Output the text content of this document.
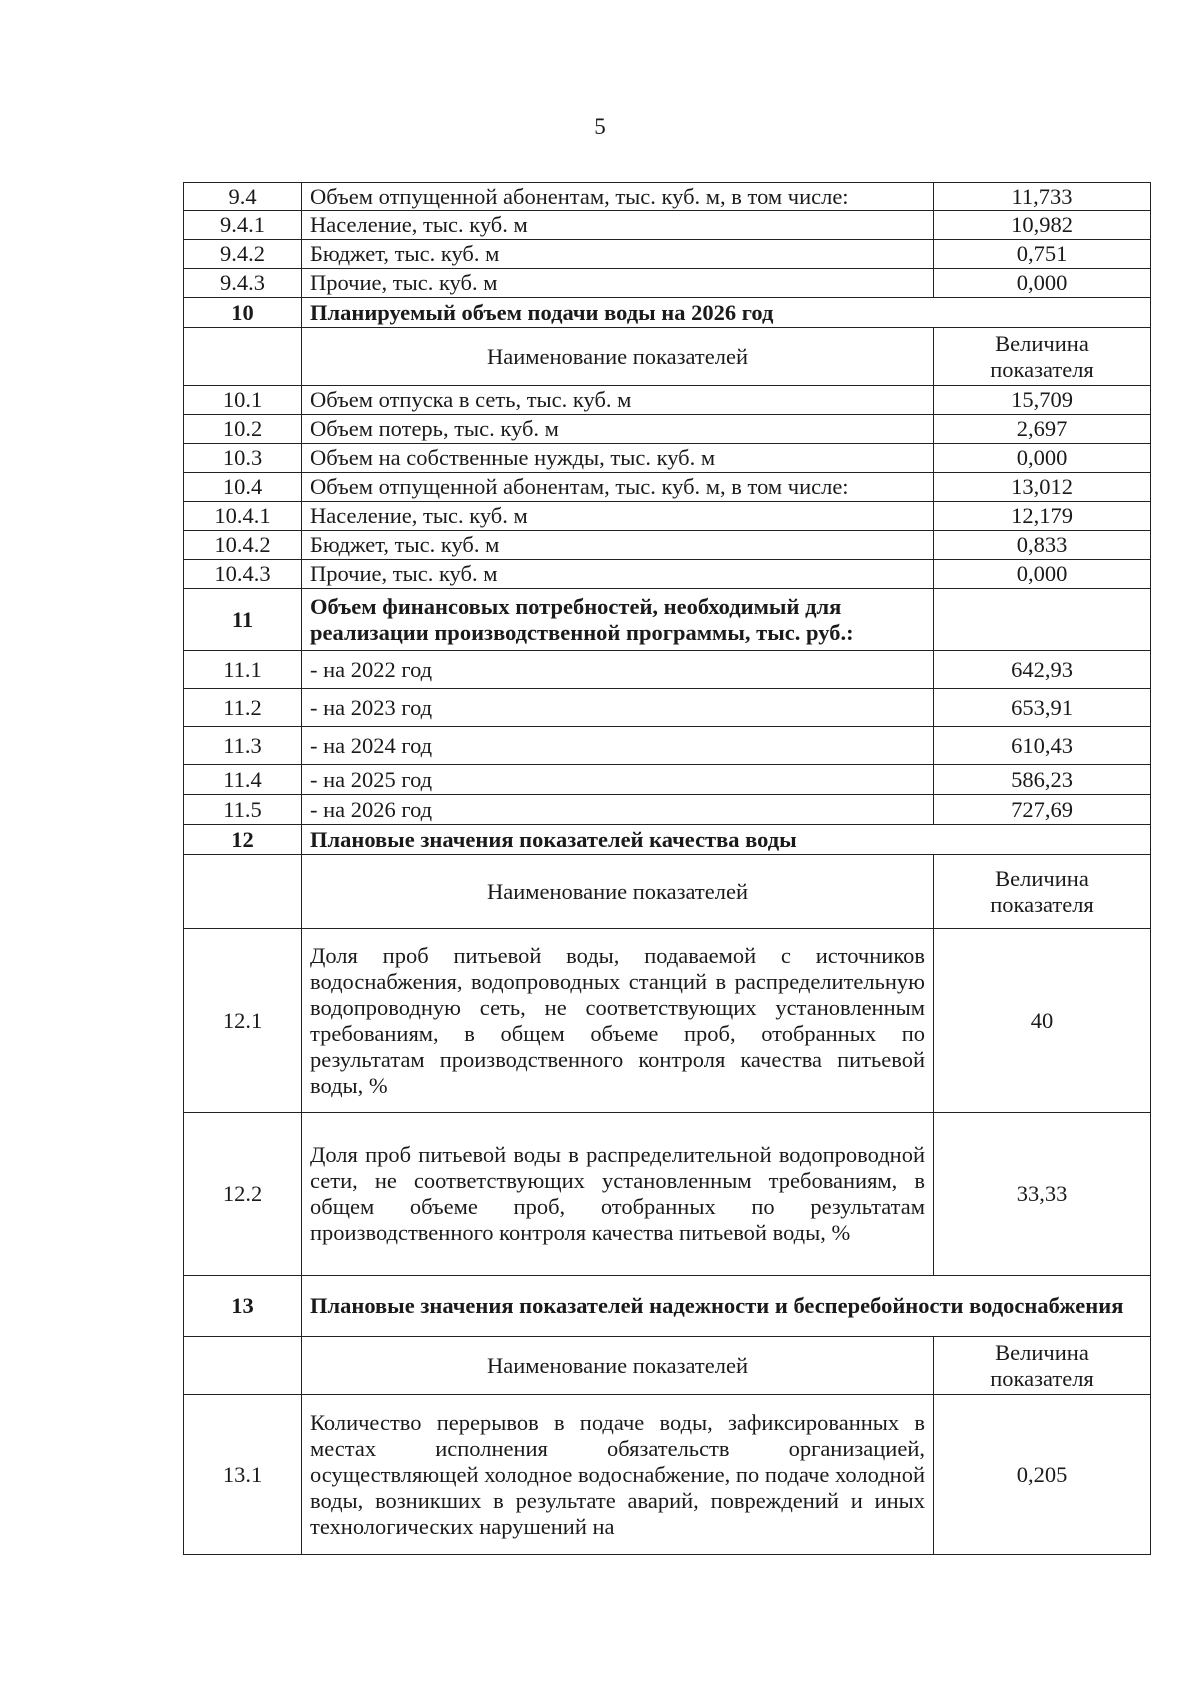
5
9.4	Объем отпущенной абонентам, тыс. куб. м, в том числе:	11,733
9.4.1	Население, тыс. куб. м	10,982
9.4.2	Бюджет, тыс. куб. м	0,751
9.4.3	Прочие, тыс. куб. м	0,000
10	Планируемый объем подачи воды на 2026 год	
	Наименование показателей	Величина показателя
10.1	Объем отпуска в сеть, тыс. куб. м	15,709
10.2	Объем потерь, тыс. куб. м	2,697
10.3	Объем на собственные нужды, тыс. куб. м	0,000
10.4	Объем отпущенной абонентам, тыс. куб. м, в том числе:	13,012
10.4.1	Население, тыс. куб. м	12,179
10.4.2	Бюджет, тыс. куб. м	0,833
10.4.3	Прочие, тыс. куб. м	0,000
11	Объем финансовых потребностей, необходимый для реализации производственной программы, тыс. руб.:	
11.1	- на 2022 год	642,93
11.2	- на 2023 год	653,91
11.3	- на 2024 год	610,43
11.4	- на 2025 год	586,23
11.5	- на 2026 год	727,69
12	Плановые значения показателей качества воды	
	Наименование показателей	Величина показателя
12.1	Доля проб питьевой воды, подаваемой с источников водоснабжения, водопроводных станций в распределительную водопроводную сеть, не соответствующих установленным требованиям, в общем объеме проб, отобранных по результатам производственного контроля качества питьевой воды, %	40
12.2	Доля проб питьевой воды в распределительной водопроводной сети, не соответствующих установленным требованиям, в общем объеме проб, отобранных по результатам производственного контроля качества питьевой воды, %	33,33
13	Плановые значения показателей надежности и бесперебойности водоснабжения	
	Наименование показателей	Величина показателя
13.1	Количество перерывов в подаче воды, зафиксированных в местах исполнения обязательств организацией, осуществляющей холодное водоснабжение, по подаче холодной воды, возникших в результате аварий, повреждений и иных технологических нарушений на	0,205
